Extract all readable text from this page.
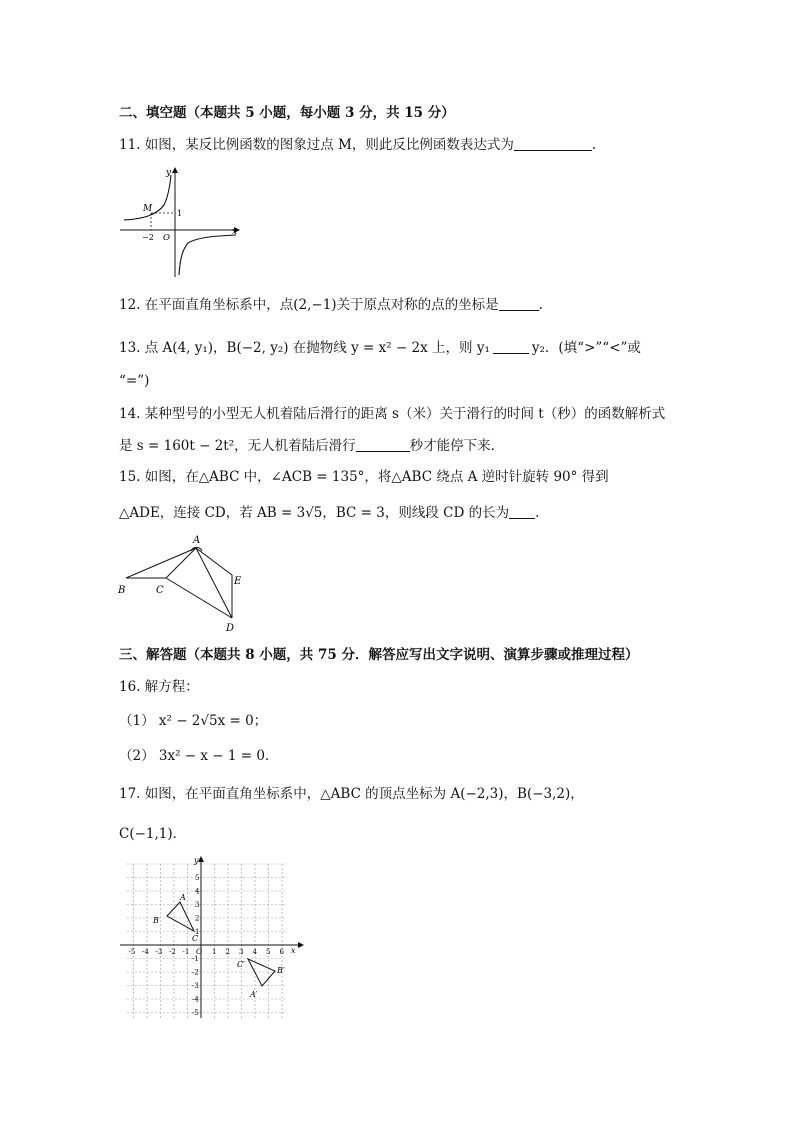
二、填空题（本题共 5 小题，每小题 3 分，共 15 分）
11. 如图，某反比例函数的图象过点 M，则此反比例函数表达式为	.
x
y
M	1
−2 O
12. 在平面直角坐标系中，点(2,−1)关于原点对称的点的坐标是	.
13. 点 A(4, y₁)，B(−2, y₂) 在抛物线 y = x² − 2x 上，则 y₁	y₂．(填“>”“<”或
“=”)
14. 某种型号的小型无人机着陆后滑行的距离 s（米）关于滑行的时间 t（秒）的函数解析式
是 s = 160t − 2t²，无人机着陆后滑行	秒才能停下来．
15. 如图，在△ABC 中，∠ACB = 135°，将△ABC 绕点 A 逆时针旋转 90° 得到
△ADE，连接 CD，若 AB = 3√5，BC = 3，则线段 CD 的长为 .
A
B	C
D
E
三、解答题（本题共 8 小题，共 75 分．解答应写出文字说明、演算步骤或推理过程）
16. 解方程：
（1） x² − 2√5x = 0；
（2） 3x² − x − 1 = 0．
17. 如图，在平面直角坐标系中，△ABC 的顶点坐标为 A(−2,3)，B(−3,2)，
C(−1,1)．
-5 -4 -3 -2 -1	1 2 3 4 5 6
5
4
3
2
1
-1
-2
-3
-4
-5
x
y
O
A
B
C
C′
B′
A′
